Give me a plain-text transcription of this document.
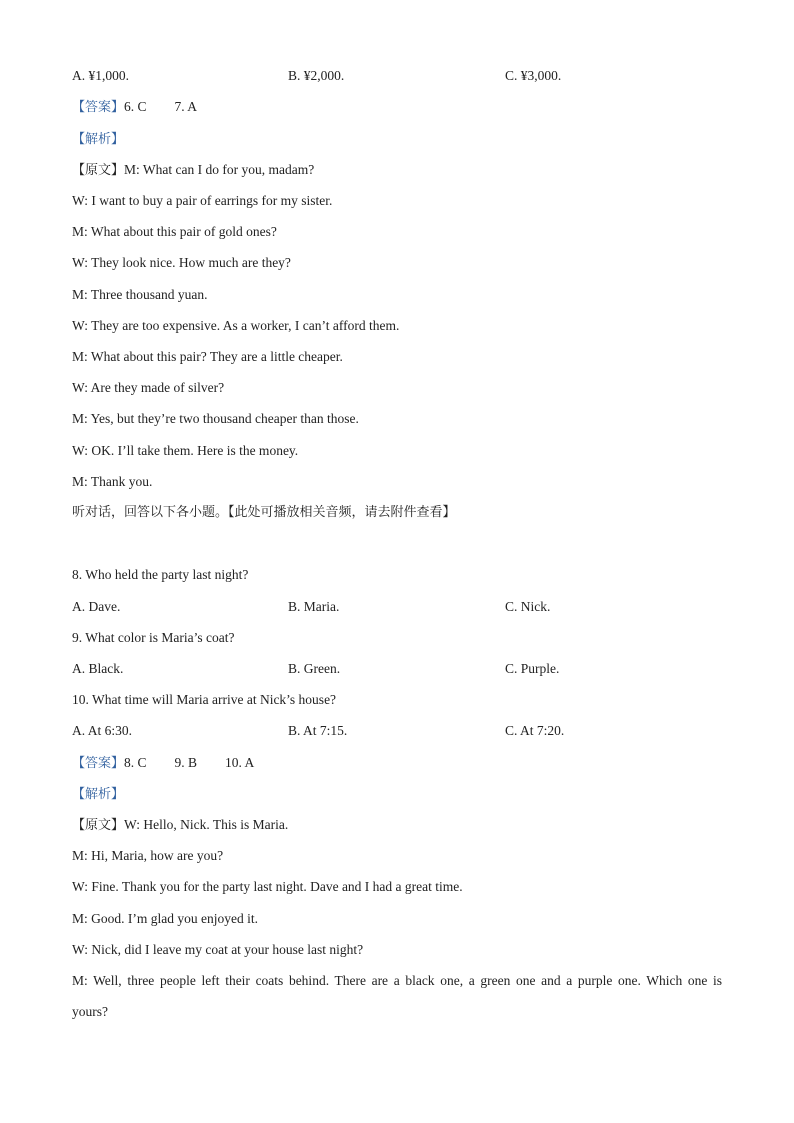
A. ¥1,000.	B. ¥2,000.	C. ¥3,000.
【答案】6. C 7. A
【解析】
【原文】M: What can I do for you, madam?
W: I want to buy a pair of earrings for my sister.
M: What about this pair of gold ones?
W: They look nice. How much are they?
M: Three thousand yuan.
W: They are too expensive. As a worker, I can’t afford them.
M: What about this pair? They are a little cheaper.
W: Are they made of silver?
M: Yes, but they’re two thousand cheaper than those.
W: OK. I’ll take them. Here is the money.
M: Thank you.
听对话，回答以下各小题。【此处可播放相关音频，请去附件查看】
8. Who held the party last night?
A. Dave.	B. Maria.	C. Nick.
9. What color is Maria’s coat?
A. Black.	B. Green.	C. Purple.
10. What time will Maria arrive at Nick’s house?
A. At 6:30.	B. At 7:15.	C. At 7:20.
【答案】8. C 9. B 10. A
【解析】
【原文】W: Hello, Nick. This is Maria.
M: Hi, Maria, how are you?
W: Fine. Thank you for the party last night. Dave and I had a great time.
M: Good. I’m glad you enjoyed it.
W: Nick, did I leave my coat at your house last night?
M: Well, three people left their coats behind. There are a black one, a green one and a purple one. Which one is
yours?
